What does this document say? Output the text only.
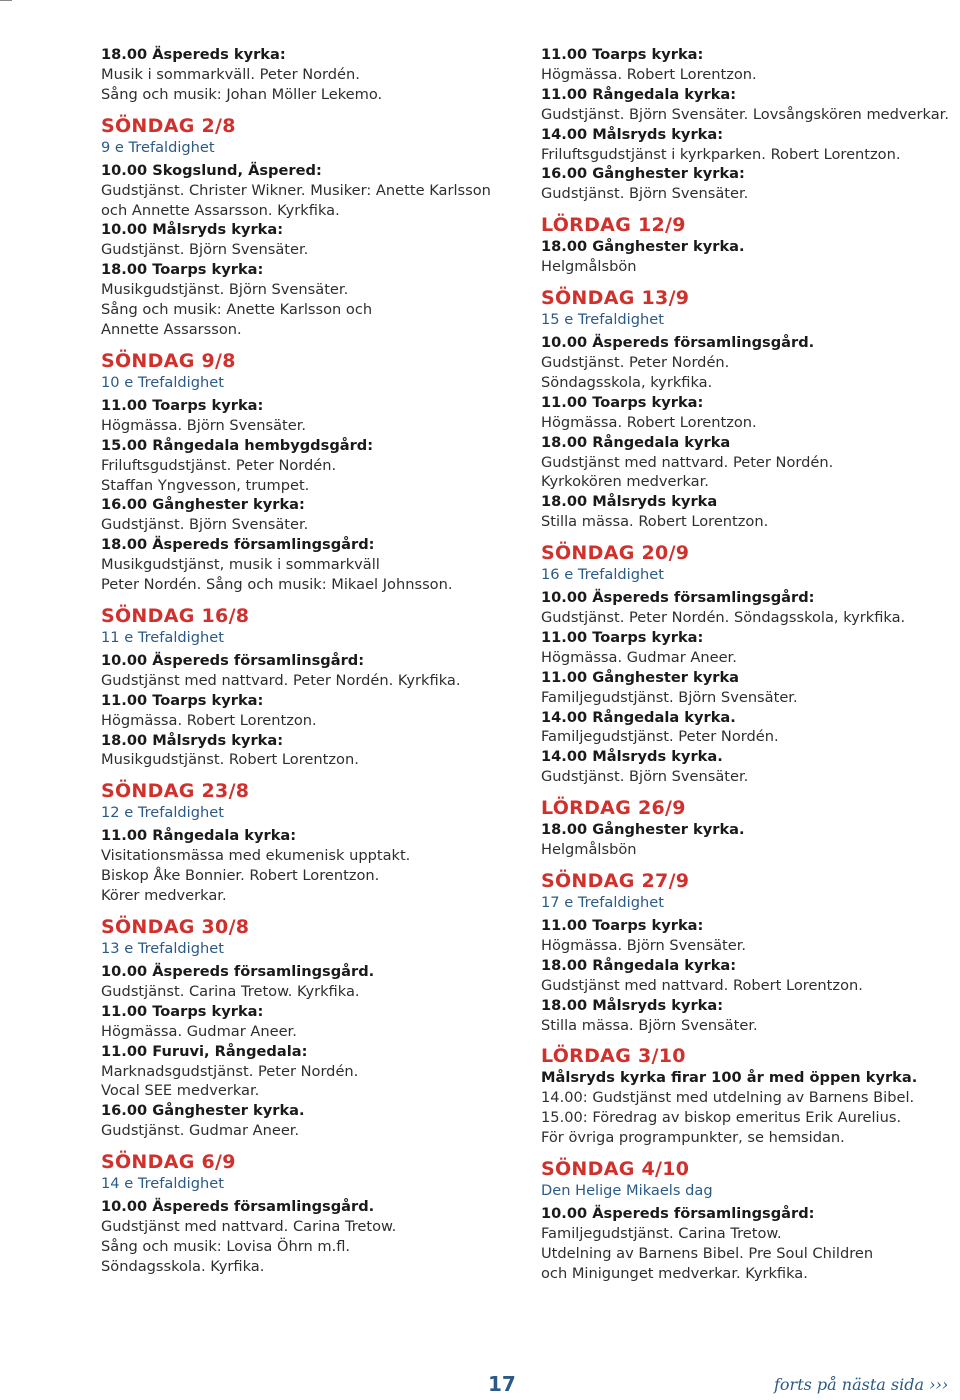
18.00 Äspereds kyrka:
Musik i sommarkväll. Peter Nordén.
Sång och musik: Johan Möller Lekemo.
SÖNDAG 2/8
9 e Trefaldighet
10.00 Skogslund, Äspered:
Gudstjänst. Christer Wikner. Musiker: Anette Karlsson
och Annette Assarsson. Kyrkfika.
10.00 Målsryds kyrka:
Gudstjänst. Björn Svensäter.
18.00 Toarps kyrka:
Musikgudstjänst. Björn Svensäter.
Sång och musik: Anette Karlsson och
Annette Assarsson.
SÖNDAG 9/8
10 e Trefaldighet
11.00 Toarps kyrka:
Högmässa. Björn Svensäter.
15.00 Rångedala hembygdsgård:
Friluftsgudstjänst. Peter Nordén.
Staffan Yngvesson, trumpet.
16.00 Gånghester kyrka:
Gudstjänst. Björn Svensäter.
18.00 Äspereds församlingsgård:
Musikgudstjänst, musik i sommarkväll
Peter Nordén. Sång och musik: Mikael Johnsson.
SÖNDAG 16/8
11 e Trefaldighet
10.00 Äspereds församlinsgård:
Gudstjänst med nattvard. Peter Nordén. Kyrkfika.
11.00 Toarps kyrka:
Högmässa. Robert Lorentzon.
18.00 Målsryds kyrka:
Musikgudstjänst. Robert Lorentzon.
SÖNDAG 23/8
12 e Trefaldighet
11.00 Rångedala kyrka:
Visitationsmässa med ekumenisk upptakt.
Biskop Åke Bonnier. Robert Lorentzon.
Körer medverkar.
SÖNDAG 30/8
13 e Trefaldighet
10.00 Äspereds församlingsgård.
Gudstjänst. Carina Tretow. Kyrkfika.
11.00 Toarps kyrka:
Högmässa. Gudmar Aneer.
11.00 Furuvi, Rångedala:
Marknadsgudstjänst. Peter Nordén.
Vocal SEE medverkar.
16.00 Gånghester kyrka.
Gudstjänst. Gudmar Aneer.
SÖNDAG 6/9
14 e Trefaldighet
10.00 Äspereds församlingsgård.
Gudstjänst med nattvard. Carina Tretow.
Sång och musik: Lovisa Öhrn m.fl.
Söndagsskola. Kyrfika.
11.00 Toarps kyrka:
Högmässa. Robert Lorentzon.
11.00 Rångedala kyrka:
Gudstjänst. Björn Svensäter. Lovsångskören medverkar.
14.00 Målsryds kyrka:
Friluftsgudstjänst i kyrkparken. Robert Lorentzon.
16.00 Gånghester kyrka:
Gudstjänst. Björn Svensäter.
LÖRDAG 12/9
18.00 Gånghester kyrka.
Helgmålsbön
SÖNDAG 13/9
15 e Trefaldighet
10.00 Äspereds församlingsgård.
Gudstjänst. Peter Nordén.
Söndagsskola, kyrkfika.
11.00 Toarps kyrka:
Högmässa. Robert Lorentzon.
18.00 Rångedala kyrka
Gudstjänst med nattvard. Peter Nordén.
Kyrkokören medverkar.
18.00 Målsryds kyrka
Stilla mässa. Robert Lorentzon.
SÖNDAG 20/9
16 e Trefaldighet
10.00 Äspereds församlingsgård:
Gudstjänst. Peter Nordén. Söndagsskola, kyrkfika.
11.00 Toarps kyrka:
Högmässa. Gudmar Aneer.
11.00 Gånghester kyrka
Familjegudstjänst. Björn Svensäter.
14.00 Rångedala kyrka.
Familjegudstjänst. Peter Nordén.
14.00 Målsryds kyrka.
Gudstjänst. Björn Svensäter.
LÖRDAG 26/9
18.00 Gånghester kyrka.
Helgmålsbön
SÖNDAG 27/9
17 e Trefaldighet
11.00 Toarps kyrka:
Högmässa. Björn Svensäter.
18.00 Rångedala kyrka:
Gudstjänst med nattvard. Robert Lorentzon.
18.00 Målsryds kyrka:
Stilla mässa. Björn Svensäter.
LÖRDAG 3/10
Målsryds kyrka firar 100 år med öppen kyrka.
14.00: Gudstjänst med utdelning av Barnens Bibel.
15.00: Föredrag av biskop emeritus Erik Aurelius.
För övriga programpunkter, se hemsidan.
SÖNDAG 4/10
Den Helige Mikaels dag
10.00 Äspereds församlingsgård:
Familjegudstjänst. Carina Tretow.
Utdelning av Barnens Bibel. Pre Soul Children
och Minigunget medverkar. Kyrkfika.
17	forts på nästa sida ›››
